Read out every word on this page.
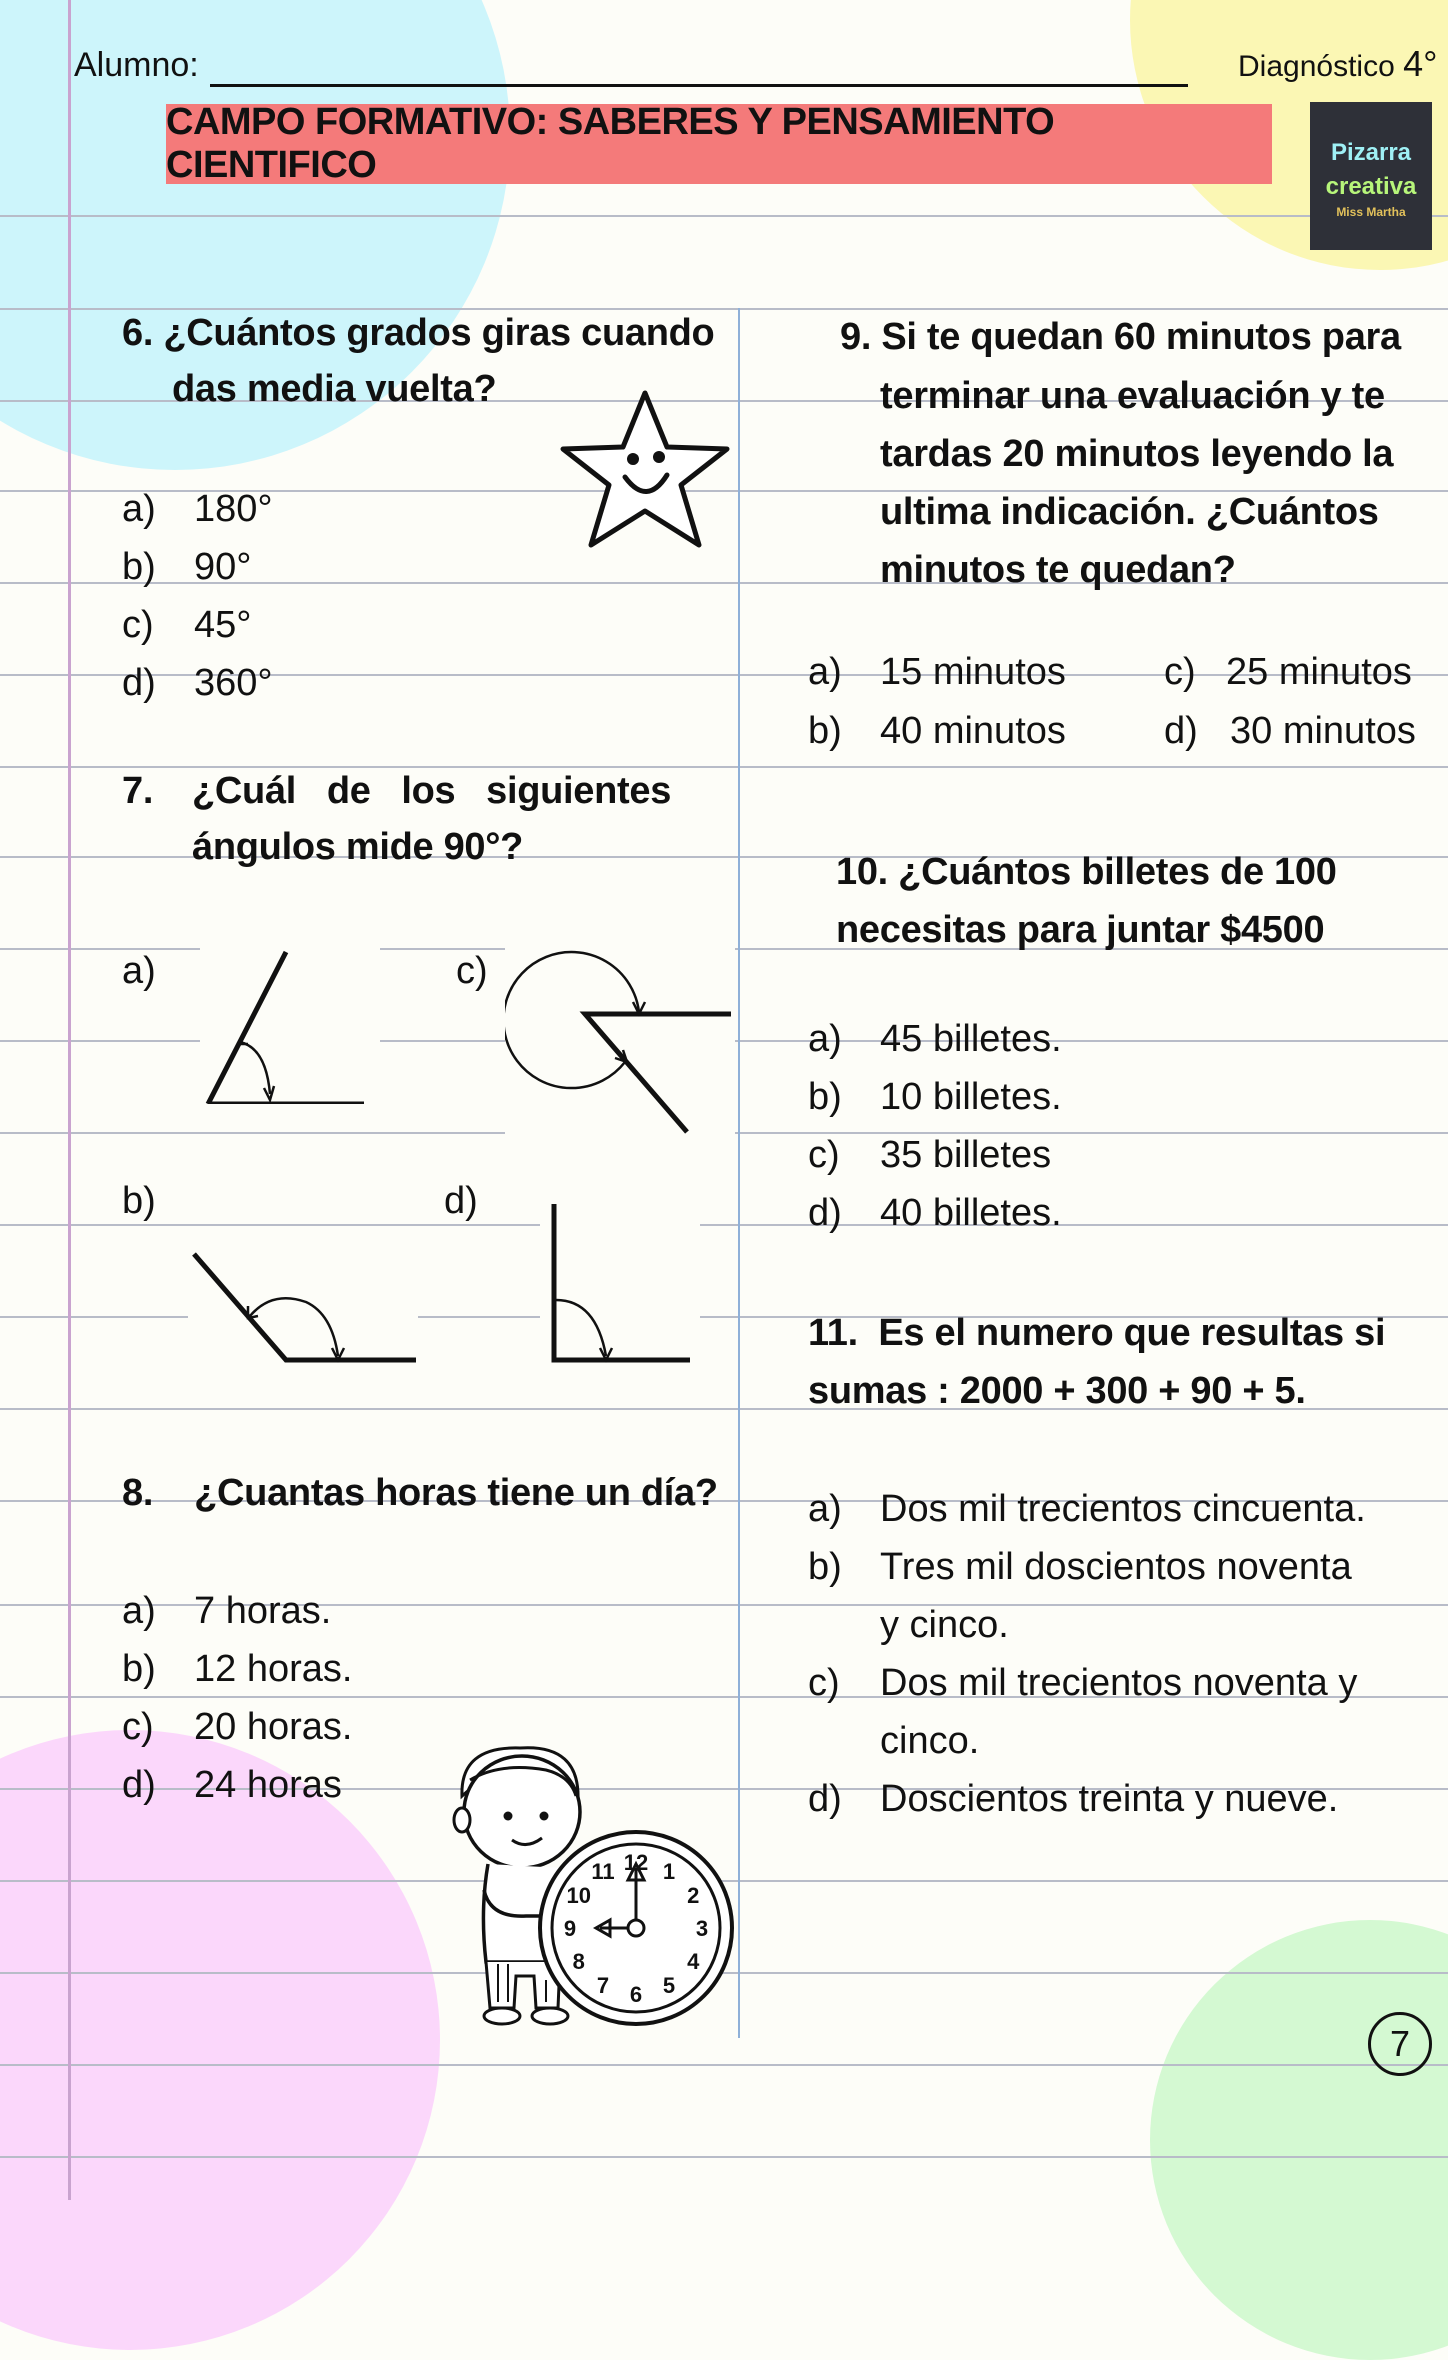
Alumno:	Diagnóstico 4°
CAMPO FORMATIVO: SABERES Y PENSAMIENTO CIENTIFICO	Pizarra
creativa
Miss Martha
6. ¿Cuántos grados giras cuando
das media vuelta?
a) 180°
b) 90°
c) 45°
d) 360°
7. ¿Cuál   de   los   siguientes
ángulos mide 90°?
a)	c)
b)	d)
8.    ¿Cuantas horas tiene un día?
a) 7 horas.
b) 12 horas.
c) 20 horas.
d) 24 horas
12 1
2
3
4
5
6
7
8
9
10
11
9. Si te quedan 60 minutos para
terminar una evaluación y te
tardas 20 minutos leyendo la
ultima indicación. ¿Cuántos
minutos te quedan?
a) 15 minutos	c) 25 minutos
b) 40 minutos	d) 30 minutos
10. ¿Cuántos billetes de 100
necesitas para juntar $4500
a) 45 billetes.
b) 10 billetes.
c) 35 billetes
d) 40 billetes.
11.  Es el numero que resultas si
sumas : 2000 + 300 + 90 + 5.
a) Dos mil trecientos cincuenta.
b) Tres mil doscientos noventa
y cinco.
c) Dos mil trecientos noventa y
cinco.
d) Doscientos treinta y nueve.
7
